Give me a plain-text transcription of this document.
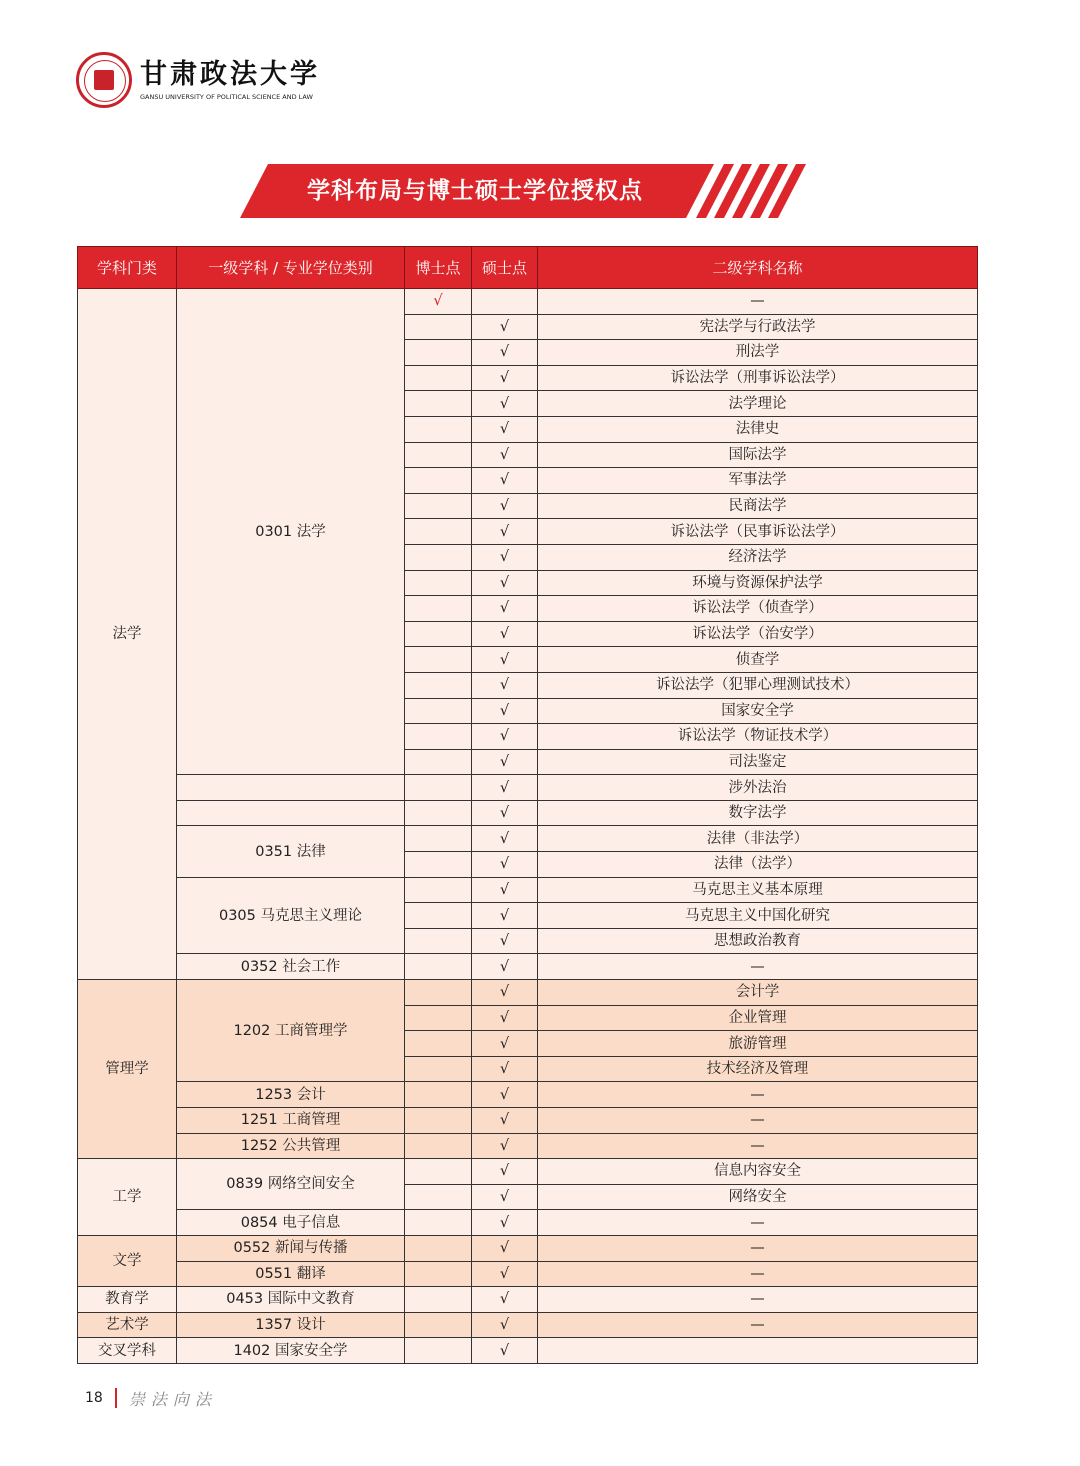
甘肃政法大学
GANSU UNIVERSITY OF POLITICAL SCIENCE AND LAW
学科布局与博士硕士学位授权点
学科门类	一级学科 / 专业学位类别	博士点	硕士点	二级学科名称
法学	0301 法学	√		—
			√	宪法学与行政法学
			√	刑法学
			√	诉讼法学（刑事诉讼法学）
			√	法学理论
			√	法律史
			√	国际法学
			√	军事法学
			√	民商法学
			√	诉讼法学（民事诉讼法学）
			√	经济法学
			√	环境与资源保护法学
			√	诉讼法学（侦查学）
			√	诉讼法学（治安学）
			√	侦查学
			√	诉讼法学（犯罪心理测试技术）
			√	国家安全学
			√	诉讼法学（物证技术学）
			√	司法鉴定
			√	涉外法治
			√	数字法学
	0351 法律		√	法律（非法学）
			√	法律（法学）
	0305 马克思主义理论		√	马克思主义基本原理
			√	马克思主义中国化研究
			√	思想政治教育
	0352 社会工作		√	—
管理学	1202 工商管理学		√	会计学
			√	企业管理
			√	旅游管理
			√	技术经济及管理
	1253 会计		√	—
	1251 工商管理		√	—
	1252 公共管理		√	—
工学	0839 网络空间安全		√	信息内容安全
			√	网络安全
	0854 电子信息		√	—
文学	0552 新闻与传播		√	—
	0551 翻译		√	—
教育学	0453 国际中文教育		√	—
艺术学	1357 设计		√	—
交叉学科	1402 国家安全学		√	
18 崇法向法
